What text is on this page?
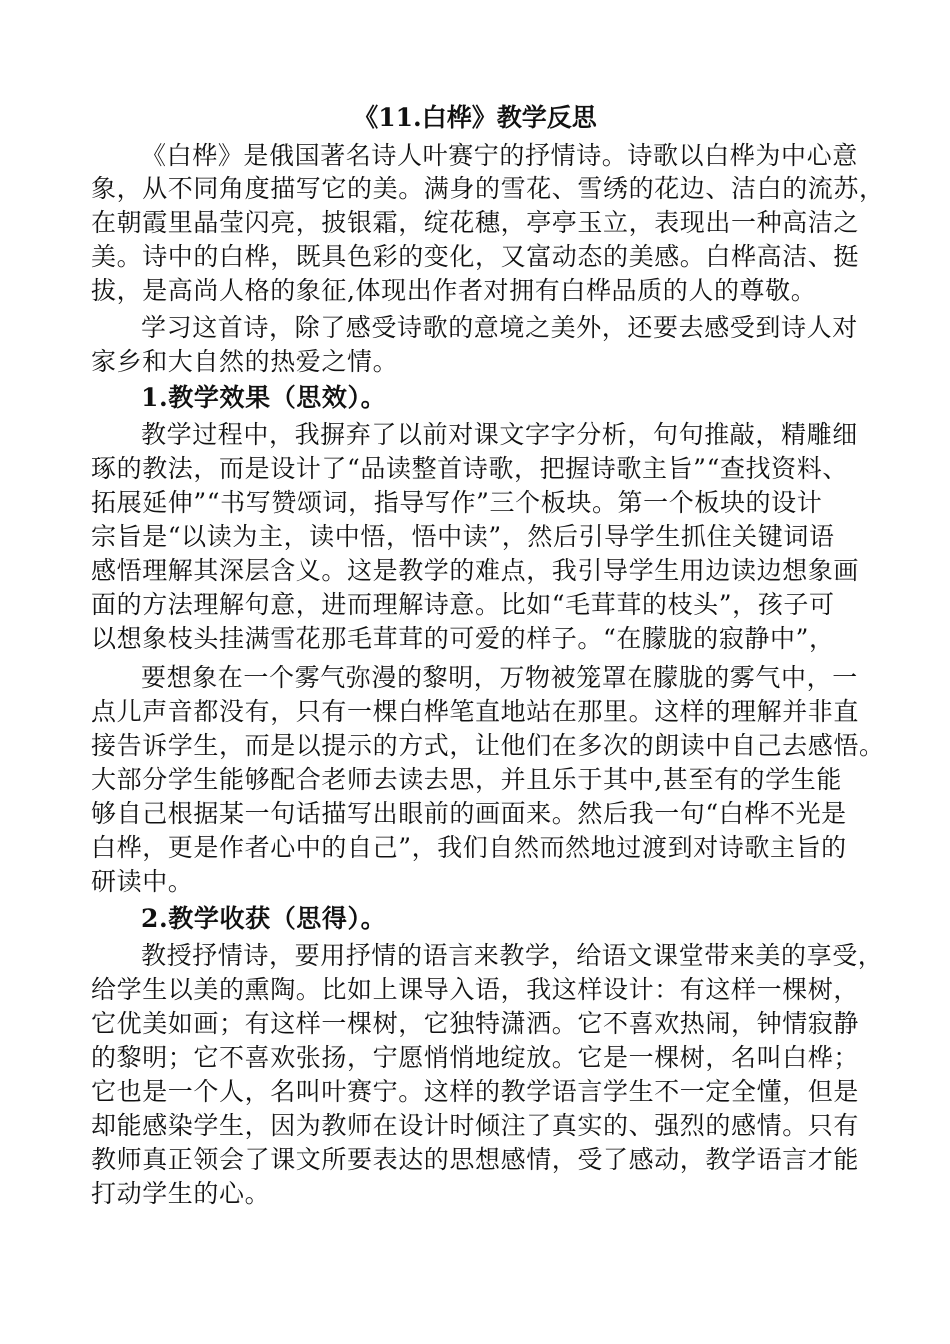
《11.白桦》教学反思
《白桦》是俄国著名诗人叶赛宁的抒情诗。诗歌以白桦为中心意
象，从不同角度描写它的美。满身的雪花、雪绣的花边、洁白的流苏，
在朝霞里晶莹闪亮，披银霜，绽花穗，亭亭玉立，表现出一种高洁之
美。诗中的白桦，既具色彩的变化，又富动态的美感。白桦高洁、挺
拔，是高尚人格的象征,体现出作者对拥有白桦品质的人的尊敬。
学习这首诗，除了感受诗歌的意境之美外，还要去感受到诗人对
家乡和大自然的热爱之情。
1.教学效果（思效）。
教学过程中，我摒弃了以前对课文字字分析，句句推敲，精雕细
琢的教法，而是设计了“品读整首诗歌，把握诗歌主旨”“查找资料、
拓展延伸”“书写赞颂词，指导写作”三个板块。第一个板块的设计
宗旨是“以读为主，读中悟，悟中读”，然后引导学生抓住关键词语
感悟理解其深层含义。这是教学的难点，我引导学生用边读边想象画
面的方法理解句意，进而理解诗意。比如“毛茸茸的枝头”，孩子可
以想象枝头挂满雪花那毛茸茸的可爱的样子。“在朦胧的寂静中”，
要想象在一个雾气弥漫的黎明，万物被笼罩在朦胧的雾气中，一
点儿声音都没有，只有一棵白桦笔直地站在那里。这样的理解并非直
接告诉学生，而是以提示的方式，让他们在多次的朗读中自己去感悟。
大部分学生能够配合老师去读去思，并且乐于其中,甚至有的学生能
够自己根据某一句话描写出眼前的画面来。然后我一句“白桦不光是
白桦，更是作者心中的自己”，我们自然而然地过渡到对诗歌主旨的
研读中。
2.教学收获（思得）。
教授抒情诗，要用抒情的语言来教学，给语文课堂带来美的享受，
给学生以美的熏陶。比如上课导入语，我这样设计：有这样一棵树，
它优美如画；有这样一棵树，它独特潇洒。它不喜欢热闹，钟情寂静
的黎明；它不喜欢张扬，宁愿悄悄地绽放。它是一棵树，名叫白桦；
它也是一个人，名叫叶赛宁。这样的教学语言学生不一定全懂，但是
却能感染学生，因为教师在设计时倾注了真实的、强烈的感情。只有
教师真正领会了课文所要表达的思想感情，受了感动，教学语言才能
打动学生的心。
